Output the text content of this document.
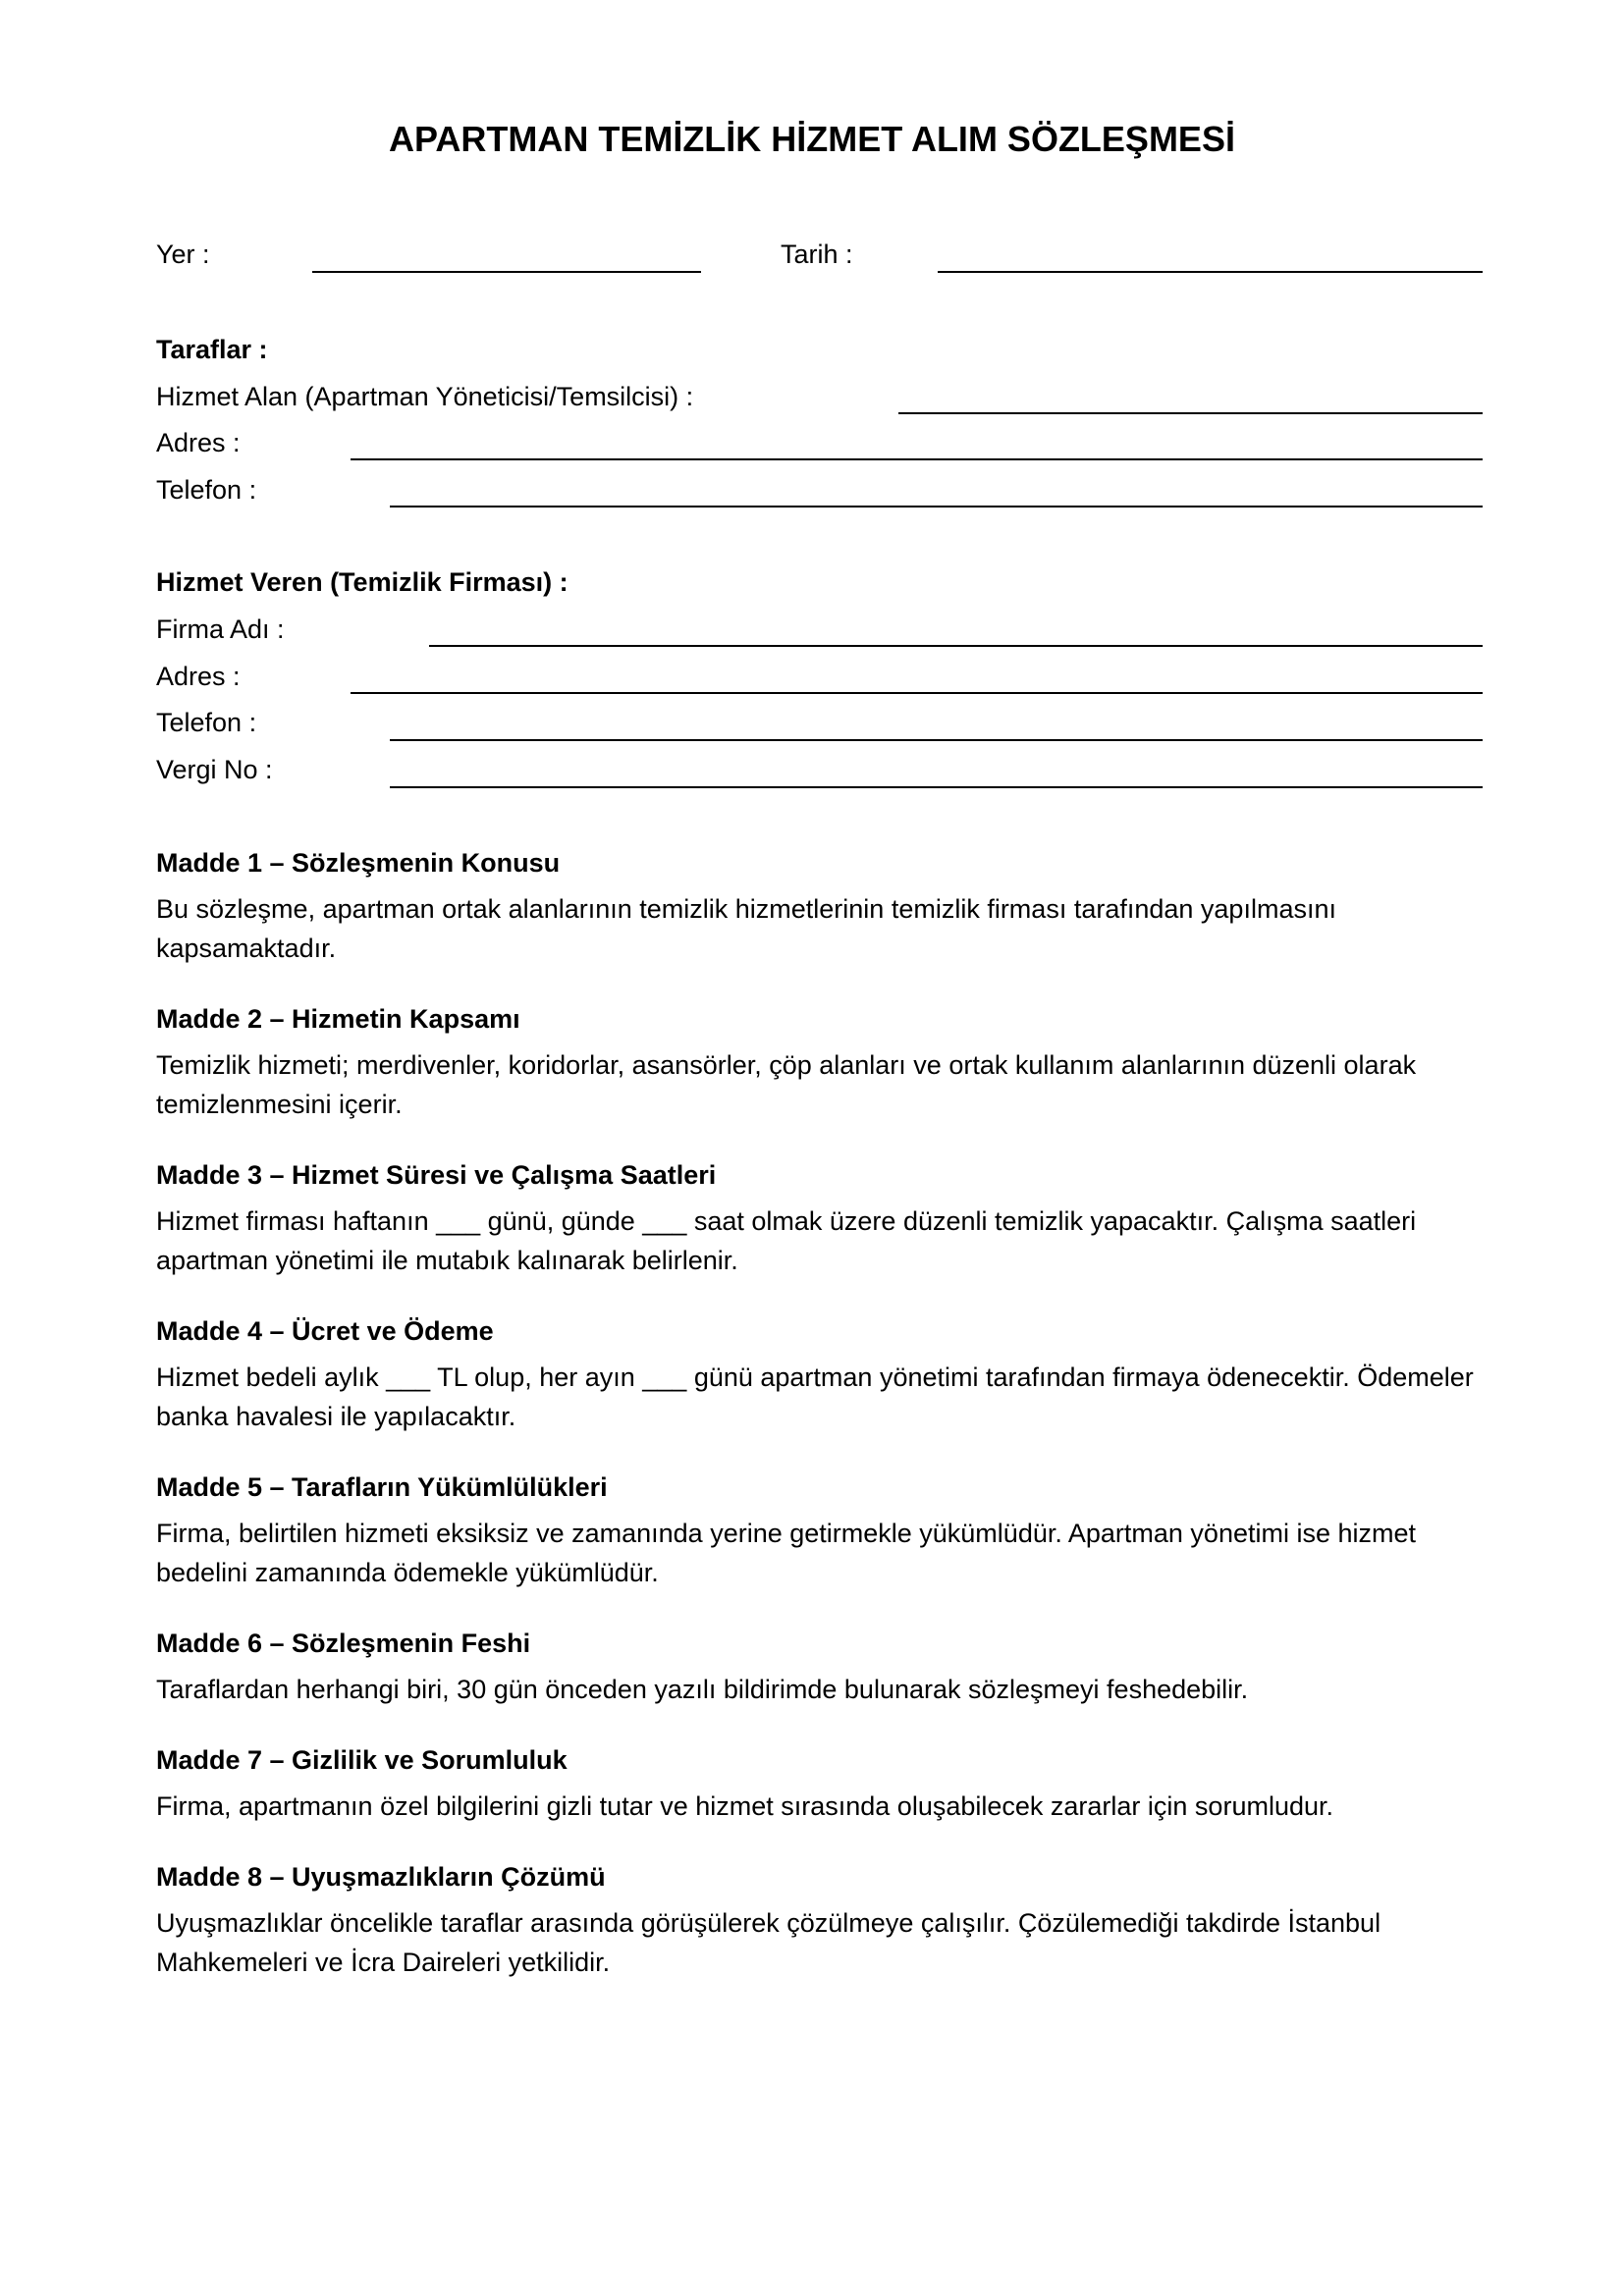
APARTMAN TEMİZLİK HİZMET ALIM SÖZLEŞMESİ
Yer :	Tarih :
Taraflar :
Hizmet Alan (Apartman Yöneticisi/Temsilcisi) :
Adres :
Telefon :
Hizmet Veren (Temizlik Firması) :
Firma Adı :
Adres :
Telefon :
Vergi No :
Madde 1 – Sözleşmenin Konusu

Bu sözleşme, apartman ortak alanlarının temizlik hizmetlerinin temizlik firması tarafından yapılmasını kapsamaktadır.

Madde 2 – Hizmetin Kapsamı

Temizlik hizmeti; merdivenler, koridorlar, asansörler, çöp alanları ve ortak kullanım alanlarının düzenli olarak temizlenmesini içerir.

Madde 3 – Hizmet Süresi ve Çalışma Saatleri

Hizmet firması haftanın ___ günü, günde ___ saat olmak üzere düzenli temizlik yapacaktır. Çalışma saatleri apartman yönetimi ile mutabık kalınarak belirlenir.

Madde 4 – Ücret ve Ödeme

Hizmet bedeli aylık ___ TL olup, her ayın ___ günü apartman yönetimi tarafından firmaya ödenecektir. Ödemeler banka havalesi ile yapılacaktır.

Madde 5 – Tarafların Yükümlülükleri

Firma, belirtilen hizmeti eksiksiz ve zamanında yerine getirmekle yükümlüdür. Apartman yönetimi ise hizmet bedelini zamanında ödemekle yükümlüdür.

Madde 6 – Sözleşmenin Feshi

Taraflardan herhangi biri, 30 gün önceden yazılı bildirimde bulunarak sözleşmeyi feshedebilir.

Madde 7 – Gizlilik ve Sorumluluk

Firma, apartmanın özel bilgilerini gizli tutar ve hizmet sırasında oluşabilecek zararlar için sorumludur.

Madde 8 – Uyuşmazlıkların Çözümü

Uyuşmazlıklar öncelikle taraflar arasında görüşülerek çözülmeye çalışılır. Çözülemediği takdirde İstanbul Mahkemeleri ve İcra Daireleri yetkilidir.
